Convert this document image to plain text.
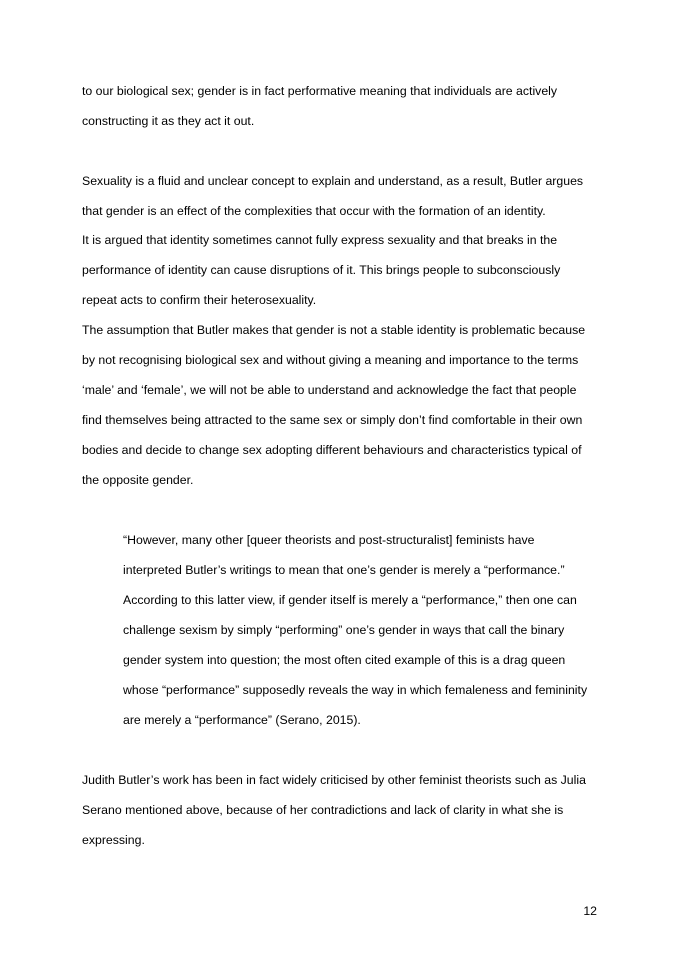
to our biological sex; gender is in fact performative meaning that individuals are actively
constructing it as they act it out.
Sexuality is a fluid and unclear concept to explain and understand, as a result, Butler argues
that gender is an effect of the complexities that occur with the formation of an identity.
It is argued that identity sometimes cannot fully express sexuality and that breaks in the
performance of identity can cause disruptions of it. This brings people to subconsciously
repeat acts to confirm their heterosexuality.
The assumption that Butler makes that gender is not a stable identity is problematic because
by not recognising biological sex and without giving a meaning and importance to the terms
‘male’ and ‘female’, we will not be able to understand and acknowledge the fact that people
find themselves being attracted to the same sex or simply don’t find comfortable in their own
bodies and decide to change sex adopting different behaviours and characteristics typical of
the opposite gender.
“However, many other [queer theorists and post-structuralist] feminists have
interpreted Butler’s writings to mean that one’s gender is merely a “performance.”
According to this latter view, if gender itself is merely a “performance,” then one can
challenge sexism by simply “performing” one’s gender in ways that call the binary
gender system into question; the most often cited example of this is a drag queen
whose “performance” supposedly reveals the way in which femaleness and femininity
are merely a “performance” (Serano, 2015).
Judith Butler’s work has been in fact widely criticised by other feminist theorists such as Julia
Serano mentioned above, because of her contradictions and lack of clarity in what she is
expressing.
12
